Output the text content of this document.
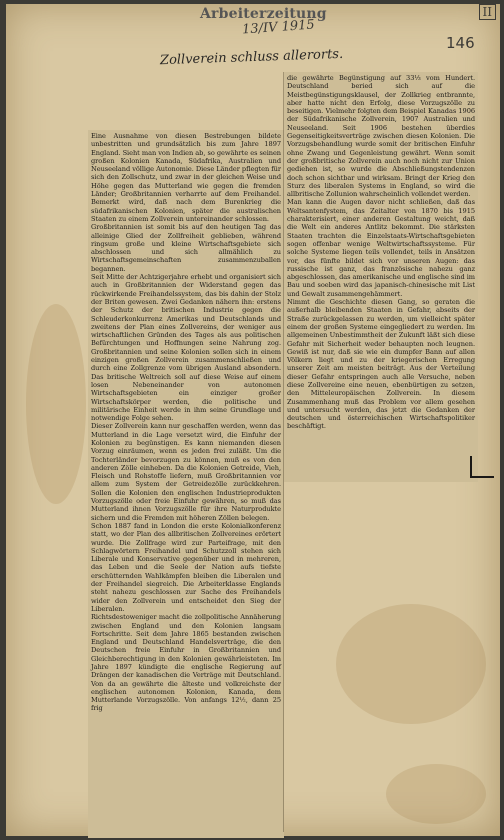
Arbeiterzeitung
13/IV 1915
146
II
Zollverein schluss allerorts.

die gewährte Begünstigung auf 33⅓ vom Hundert. Deutschland beried sich auf die Meistbegünstigungsklausel, der Zollkrieg entbrannte, aber hatte nicht den Erfolg, diese Vorzugszölle zu beseitigen. Vielmehr folgten dem Beispiel Kanadas 1906 der Südafrikanische Zollverein, 1907 Australien und Neuseeland. Seit 1906 bestehen überdies Gegenseitigkeitsverträge zwischen diesen Kolonien. Die Vorzugsbehandlung wurde somit der britischen Einfuhr ohne Zwang und Gegenleistung gewährt. Wenn somit der großbritische Zollverein auch noch nicht zur Union gediehen ist, so wurde die Abschließungstendenzen doch schon sichtbar und wirksam. Bringt der Krieg den Sturz des liberalen Systems in England, so wird die allbritische Zollunion wahrscheinlich vollendet werden.
Man kann die Augen davor nicht schließen, daß das Weltsantenfystem, das Zeitalter von 1870 bis 1915 charakterisiert, einer anderen Gestaltung weicht, daß die Welt ein anderes Antlitz bekommt. Die stärksten Staaten trachten die Einzelstaats-Wirtschaftsgebieten sogen offenbar wenige Weltwirtschaftssysteme. Für solche Systeme liegen teils vollendet, teils in Ansätzen vor, das fünfte bildet sich vor unseren Augen: das russische ist ganz, das französische nahezu ganz abgeschlossen, das amerikanische und englische sind im Bau und soeben wird das japanisch-chinesische mit List und Gewalt zusammengehämmert.
Nimmt die Geschichte diesen Gang, so geraten die außerhalb bleibenden Staaten in Gefahr, abseits der Straße zurückgelassen zu werden, um vielleicht später einem der großen Systeme eingegliedert zu werden. Im allgemeinen Unbestimmtheit der Zukunft läßt sich diese Gefahr mit Sicherheit weder behaupten noch leugnen. Gewiß ist nur, daß sie wie ein dumpfer Bann auf allen Völkern liegt und zu der kriegerischen Erregung unserer Zeit am meisten beiträgt. Aus der Verteilung dieser Gefahr entspringen auch alle Versuche, neben diese Zollvereine eine neuen, ebenbürtigen zu setzen, den Mitteleuropäischen Zollverein. In diesem Zusammenhang muß das Problem vor allem gesehen und untersucht werden, das jetzt die Gedanken der deutschen und österreichischen Wirtschaftspolitiker beschäftigt.

Eine Ausnahme von diesen Bestrebungen bildete unbestritten und grundsätzlich bis zum Jahre 1897 England. Sieht man von Indien ab, so gewährte es seinen großen Kolonien Kanada, Südafrika, Australien und Neuseeland völlige Autonomie. Diese Länder pflegten für sich den Zollschutz, und zwar in der gleichen Weise und Höhe gegen das Mutterland wie gegen die fremden Länder; Großbritannien verharrte auf dem Freihandel. Bemerkt wird, daß nach dem Burenkrieg die südafrikanischen Kolonien, später die australischen Staaten zu einem Zollverein untereinander schlossen.
Großbritannien ist somit bis auf den heutigen Tag das alleinige Glied der Zollfreiheit geblieben, während ringsum große und kleine Wirtschaftsgebiete sich abschlossen und sich allmählich zu Wirtschaftsgemeinschaften zusammenzuballen begannen.
Seit Mitte der Achtzigerjahre erhebt und organisiert sich auch in Großbritannien der Widerstand gegen das rückwirkende Freihandelssystem, das bis dahin der Stolz der Briten gewesen. Zwei Gedanken nähern ihn: erstens der Schutz der britischen Industrie gegen die Schleuderkonkurrenz Amerikas und Deutschlands und zweitens der Plan eines Zollvereins, der weniger aus wirtschaftlichen Gründen des Tages als aus politischen Befürchtungen und Hoffnungen seine Nahrung zog. Großbritannien und seine Kolonien sollen sich in einem einzigen großen Zollverein zusammenschließen und durch eine Zollgrenze vom übrigen Ausland absondern. Das britische Weltreich soll auf diese Weise auf einem losen Nebeneinander von autonomen Wirtschaftsgebieten ein einziger großer Wirtschaftskörper werden, die politische und militärische Einheit werde in ihm seine Grundlage und notwendige Folge sehen.
Dieser Zollverein kann nur geschaffen werden, wenn das Mutterland in die Lage versetzt wird, die Einfuhr der Kolonien zu begünstigen. Es kann niemanden diesen Vorzug einräumen, wenn es jeden frei zuläßt. Um die Tochterländer bevorzugen zu können, muß es von den anderen Zölle einheben. Da die Kolonien Getreide, Vieh, Fleisch und Rohstoffe liefern, muß Großbritannien vor allem zum System der Getreidezölle zurückkehren. Sollen die Kolonien den englischen Industrieprodukten Vorzugszölle oder freie Einfuhr gewähren, so muß das Mutterland ihnen Vorzugszölle für ihre Naturprodukte sichern und die Fremden mit höheren Zöllen belegen.
Schon 1887 fand in London die erste Kolonialkonferenz statt, wo der Plan des allbritischen Zollvereines erörtert wurde. Die Zollfrage wird zur Parteifrage, mit den Schlagwörtern Freihandel und Schutzzoll stehen sich Liberale und Konservative gegenüber und in mehreren, das Leben und die Seele der Nation aufs tiefste erschütternden Wahlkämpfen bleiben die Liberalen und der Freihandel siegreich. Die Arbeiterklasse Englands steht nahezu geschlossen zur Sache des Freihandels wider den Zollverein und entscheidet den Sieg der Liberalen.
Richtsdestoweniger macht die zollpolitische Annäherung zwischen England und den Kolonien langsam Fortschritte. Seit dem Jahre 1865 bestanden zwischen England und Deutschland Handelsverträge, die den Deutschen freie Einfuhr in Großbritannien und Gleichberechtigung in den Kolonien gewährleisteten. Im Jahre 1897 kündigte die englische Regierung auf Drängen der kanadischen die Verträge mit Deutschland. Von da an gewährte die älteste und volkreichste der englischen autonomen Kolonien, Kanada, dem Mutterlande Vorzugszölle. Von anfangs 12½, dann 25 frig
